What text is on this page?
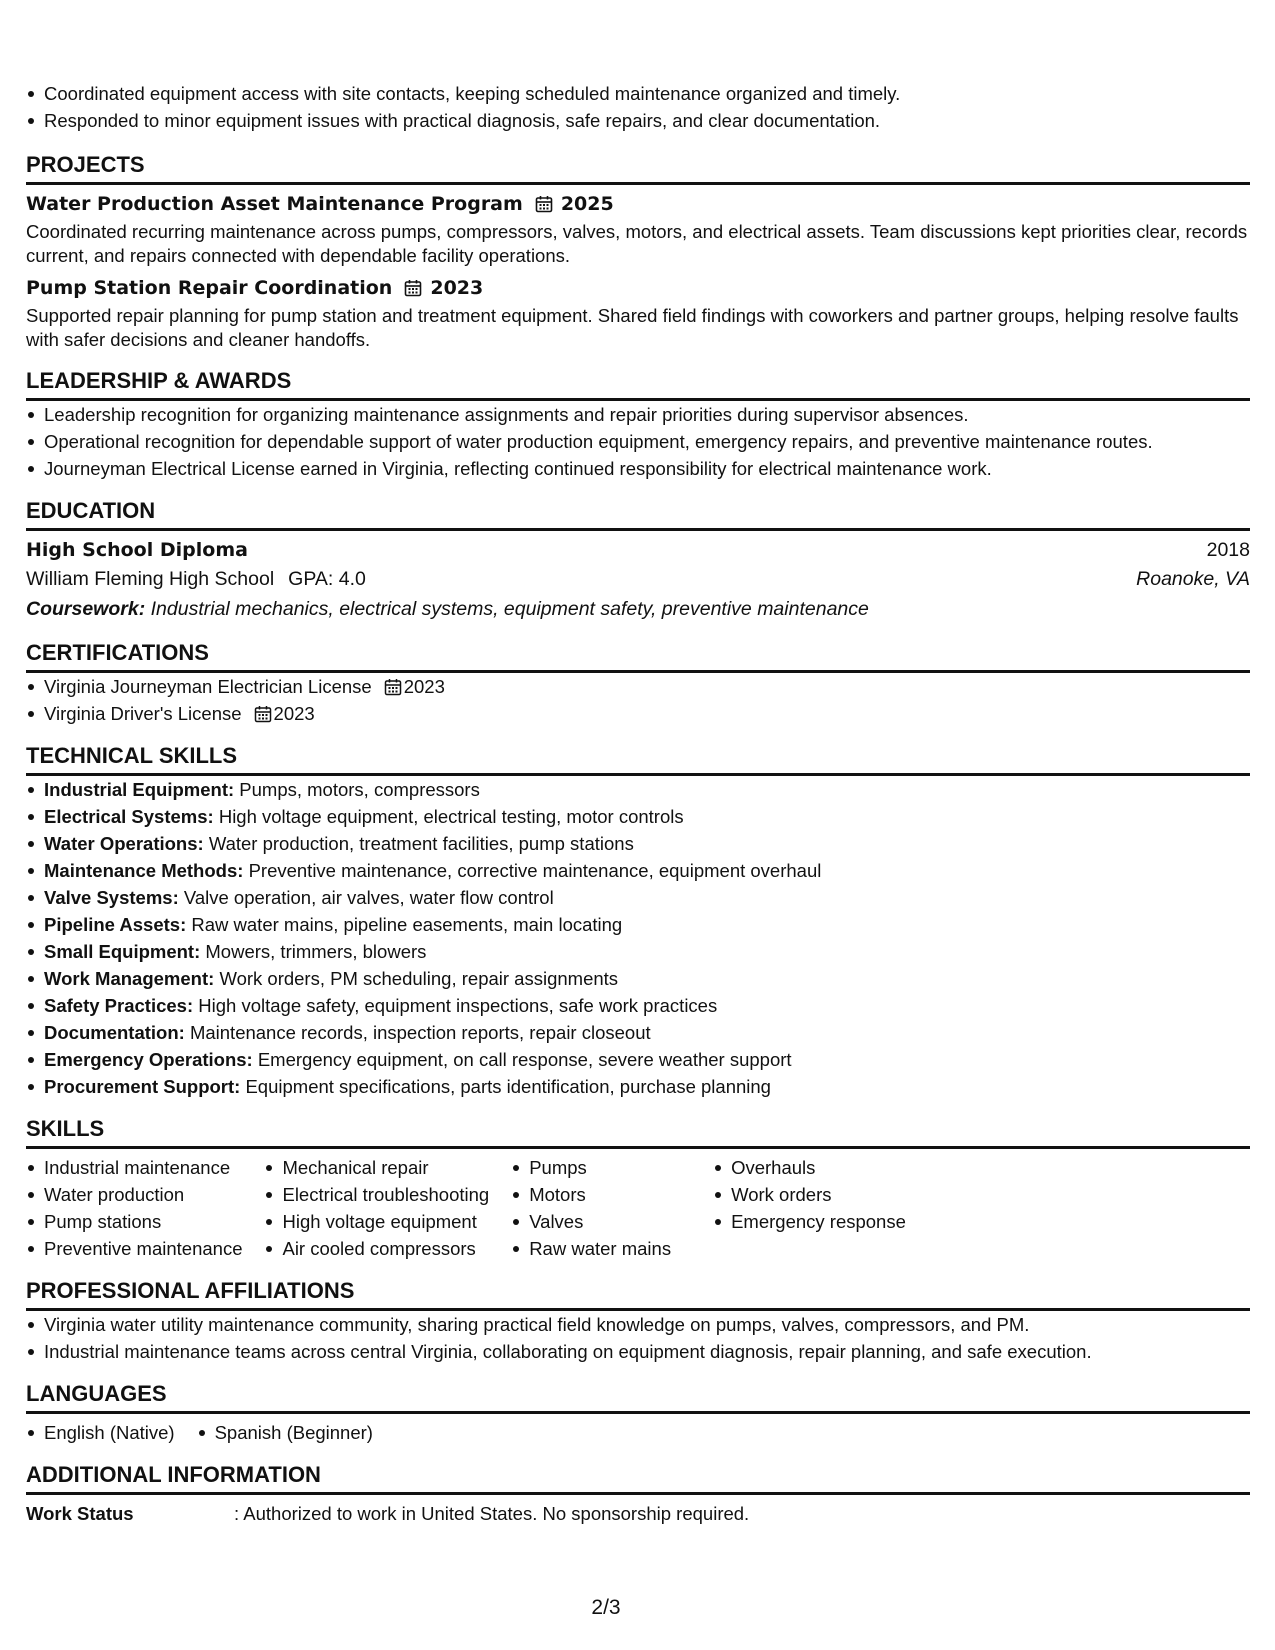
Coordinated equipment access with site contacts, keeping scheduled maintenance organized and timely.
Responded to minor equipment issues with practical diagnosis, safe repairs, and clear documentation.
PROJECTS
Water Production Asset Maintenance Program 2025
Coordinated recurring maintenance across pumps, compressors, valves, motors, and electrical assets. Team discussions kept priorities clear, records current, and repairs connected with dependable facility operations.
Pump Station Repair Coordination 2023
Supported repair planning for pump station and treatment equipment. Shared field findings with coworkers and partner groups, helping resolve faults with safer decisions and cleaner handoffs.
LEADERSHIP & AWARDS
Leadership recognition for organizing maintenance assignments and repair priorities during supervisor absences.
Operational recognition for dependable support of water production equipment, emergency repairs, and preventive maintenance routes.
Journeyman Electrical License earned in Virginia, reflecting continued responsibility for electrical maintenance work.
EDUCATION
High School Diploma	2018
William Fleming High School GPA: 4.0	Roanoke, VA
Coursework: Industrial mechanics, electrical systems, equipment safety, preventive maintenance
CERTIFICATIONS
Virginia Journeyman Electrician License 2023
Virginia Driver's License 2023
TECHNICAL SKILLS
Industrial Equipment: Pumps, motors, compressors
Electrical Systems: High voltage equipment, electrical testing, motor controls
Water Operations: Water production, treatment facilities, pump stations
Maintenance Methods: Preventive maintenance, corrective maintenance, equipment overhaul
Valve Systems: Valve operation, air valves, water flow control
Pipeline Assets: Raw water mains, pipeline easements, main locating
Small Equipment: Mowers, trimmers, blowers
Work Management: Work orders, PM scheduling, repair assignments
Safety Practices: High voltage safety, equipment inspections, safe work practices
Documentation: Maintenance records, inspection reports, repair closeout
Emergency Operations: Emergency equipment, on call response, severe weather support
Procurement Support: Equipment specifications, parts identification, purchase planning
SKILLS
Industrial maintenance
Water production
Pump stations
Preventive maintenance
Mechanical repair
Electrical troubleshooting
High voltage equipment
Air cooled compressors
Pumps
Motors
Valves
Raw water mains
Overhauls
Work orders
Emergency response
PROFESSIONAL AFFILIATIONS
Virginia water utility maintenance community, sharing practical field knowledge on pumps, valves, compressors, and PM.
Industrial maintenance teams across central Virginia, collaborating on equipment diagnosis, repair planning, and safe execution.
LANGUAGES
English (Native)	Spanish (Beginner)
ADDITIONAL INFORMATION
Work Status	: Authorized to work in United States. No sponsorship required.
2/3
